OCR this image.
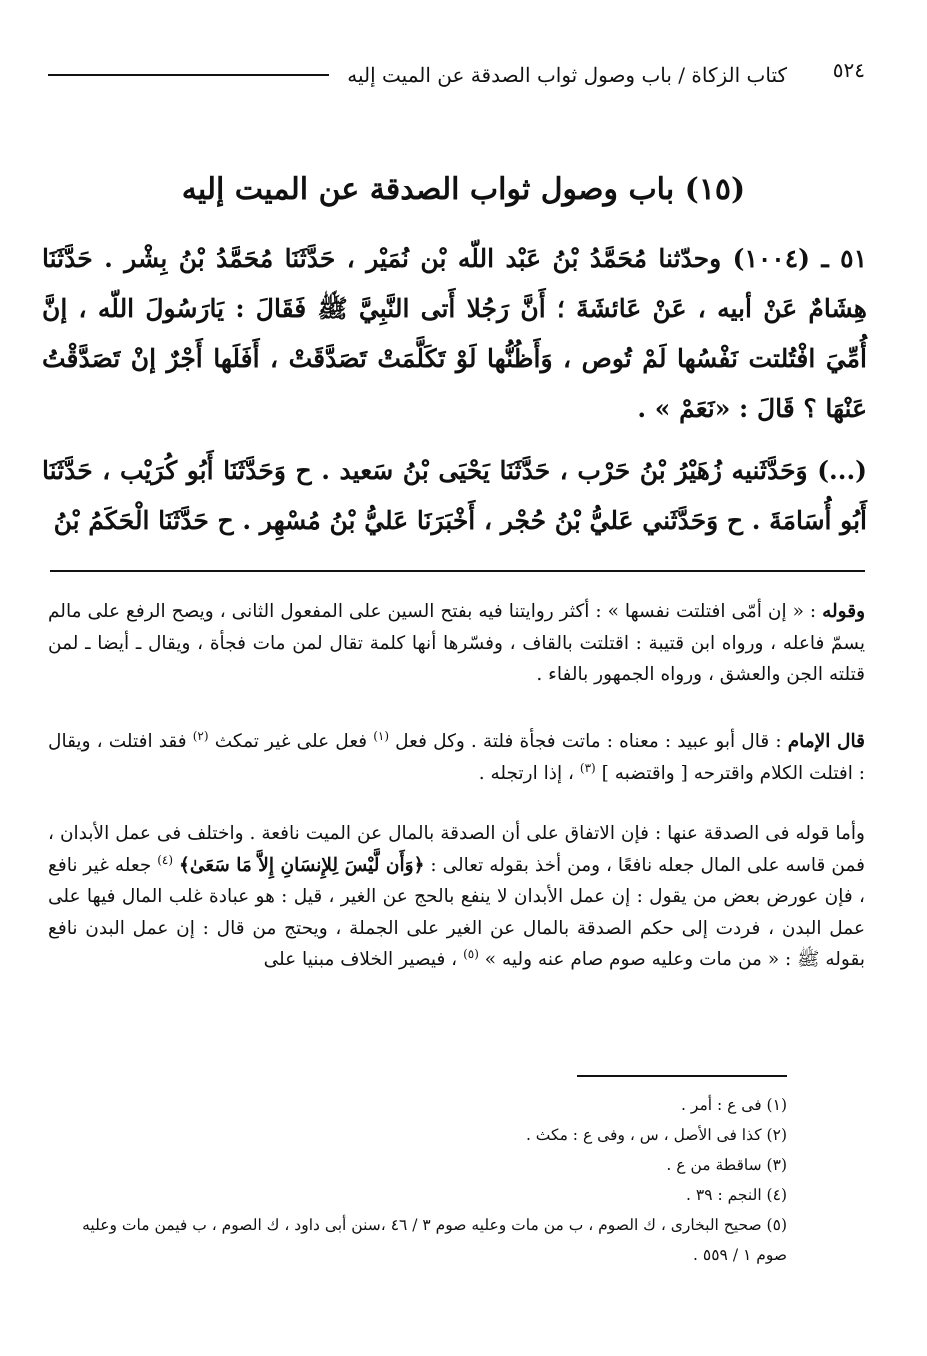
٥٢٤
كتاب الزكاة / باب وصول ثواب الصدقة عن الميت إليه
(١٥) باب وصول ثواب الصدقة عن الميت إليه
٥١ ـ (١٠٠٤) وحدّثنا مُحَمَّدُ بْنُ عَبْد اللّه بْن نُمَيْر ، حَدَّثَنَا مُحَمَّدُ بْنُ بِشْر . حَدَّثَنَا هِشَامٌ عَنْ أبيه ، عَنْ عَائشَةَ ؛ أَنَّ رَجُلا أَتى النَّبِيَّ ﷺ فَقَالَ : يَارَسُولَ اللّه ، إنَّ أُمِّيَ افْتُلتت نَفْسُها لَمْ تُوص ، وَأَظُنُّها لَوْ تَكَلَّمَتْ تَصَدَّقَتْ ، أَفَلَها أَجْرٌ إنْ تَصَدَّقْتُ عَنْهَا ؟ قَالَ : «نَعَمْ » .
(...) وَحَدَّثَنيه زُهَيْرُ بْنُ حَرْب ، حَدَّثَنَا يَحْيَى بْنُ سَعيد . ح وَحَدَّثَنَا أَبُو كُرَيْب ، حَدَّثَنَا أَبُو أُسَامَةَ . ح وَحَدَّثَني عَليُّ بْنُ حُجْر ، أَخْبَرَنَا عَليُّ بْنُ مُسْهِر . ح حَدَّثَنَا الْحَكَمُ بْنُ
وقوله : « إن أمّى افتلتت نفسها » : أكثر روايتنا فيه بفتح السين على المفعول الثانى ، ويصح الرفع على مالم يسمّ فاعله ، ورواه ابن قتيبة : اقتلتت بالقاف ، وفسّرها أنها كلمة تقال لمن مات فجأة ، ويقال ـ أيضا ـ لمن قتلته الجن والعشق ، ورواه الجمهور بالفاء .
قال الإمام : قال أبو عبيد : معناه : ماتت فجأة فلتة . وكل فعل $^{(١)}$ فعل على غير تمكث $^{(٢)}$ فقد افتلت ، ويقال : افتلت الكلام واقترحه [ واقتضبه ] $^{(٣)}$ ، إذا ارتجله .
وأما قوله فى الصدقة عنها : فإن الاتفاق على أن الصدقة بالمال عن الميت نافعة . واختلف فى عمل الأبدان ، فمن قاسه على المال جعله نافعًا ، ومن أخذ بقوله تعالى : ﴿وَأَن لَّيْسَ لِلإِنسَانِ إِلاَّ مَا سَعَىٰ﴾ $^{(٤)}$ جعله غير نافع ، فإن عورض بعض من يقول : إن عمل الأبدان لا ينفع بالحج عن الغير ، قيل : هو عبادة غلب المال فيها على عمل البدن ، فردت إلى حكم الصدقة بالمال عن الغير على الجملة ، ويحتج من قال : إن عمل البدن نافع بقوله ﷺ : « من مات وعليه صوم صام عنه وليه » $^{(٥)}$ ، فيصير الخلاف مبنيا على
(١) فى ع : أمر .
(٢) كذا فى الأصل ، س ، وفى ع : مكث .
(٣) ساقطة من ع .
(٤) النجم : ٣٩ .
(٥) صحيح البخارى ، ك الصوم ، ب من مات وعليه صوم ٣ / ٤٦ ،سنن أبى داود ، ك الصوم ، ب فيمن مات وعليه صوم ١ / ٥٥٩ .
